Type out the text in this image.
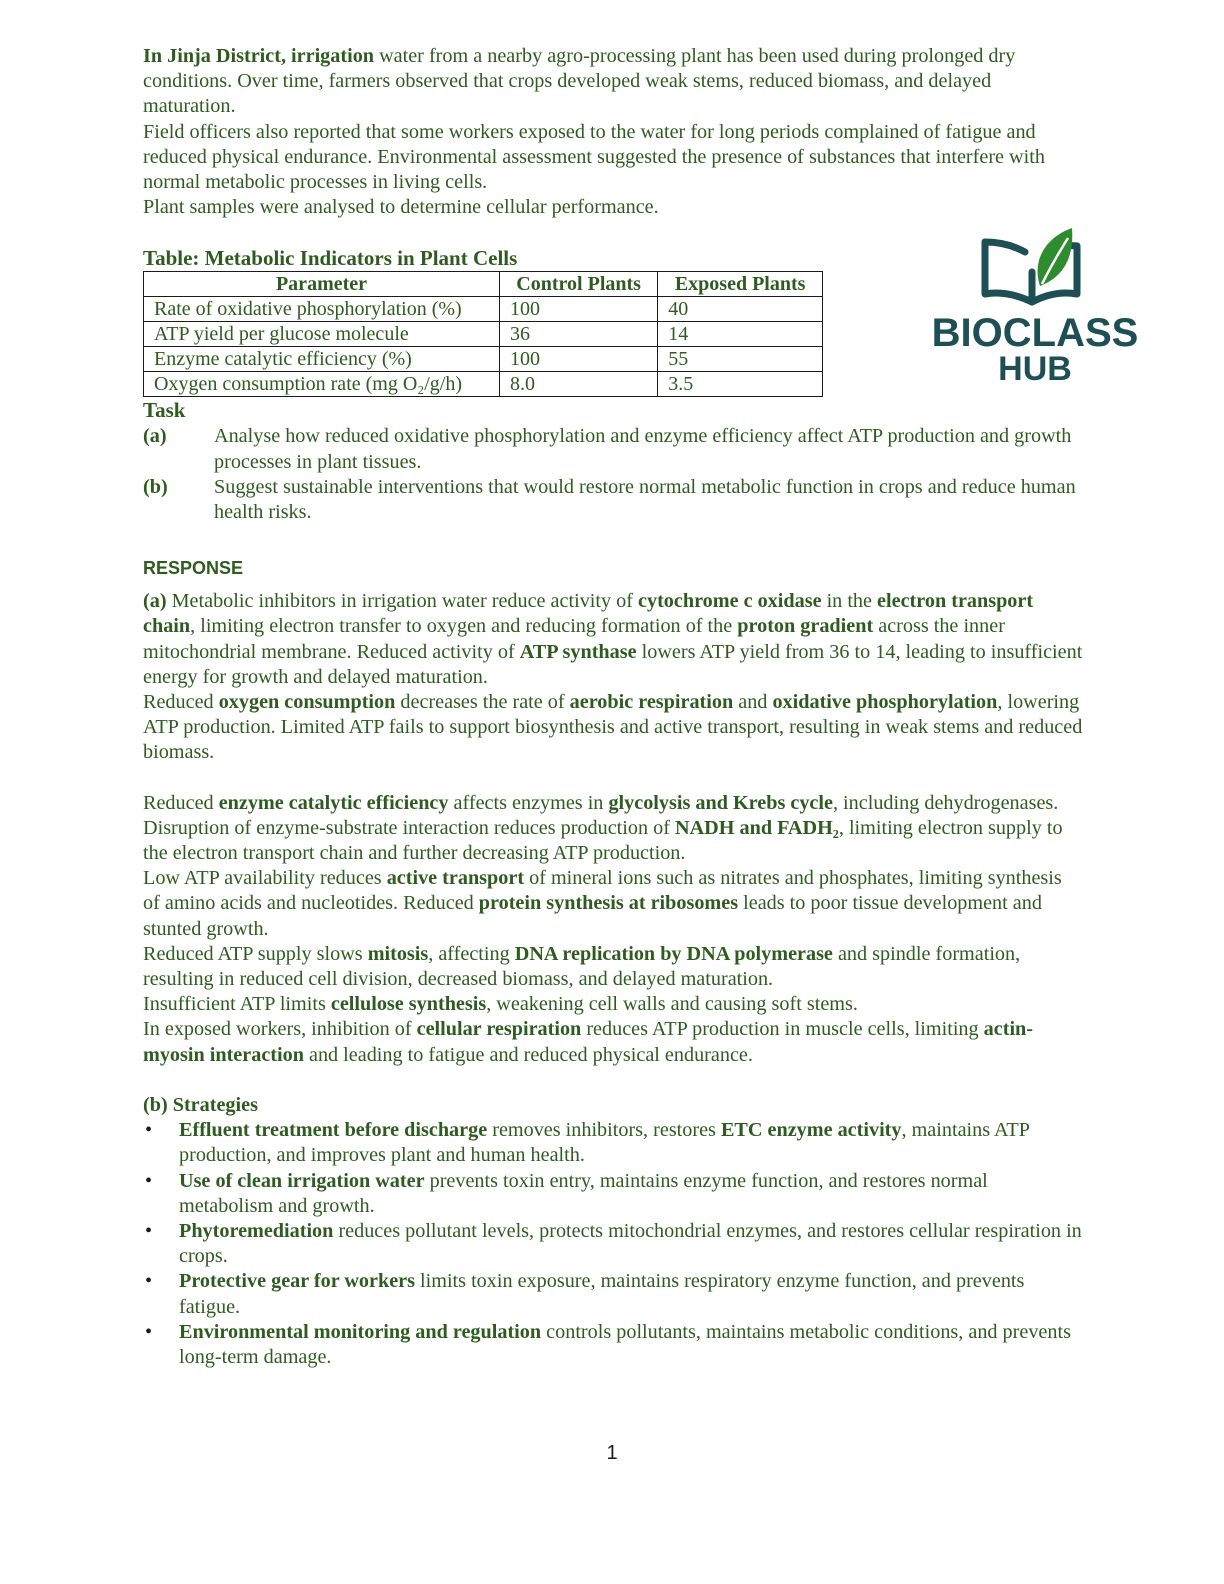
In Jinja District, irrigation water from a nearby agro-processing plant has been used during prolonged dry conditions. Over time, farmers observed that crops developed weak stems, reduced biomass, and delayed maturation.

Field officers also reported that some workers exposed to the water for long periods complained of fatigue and reduced physical endurance. Environmental assessment suggested the presence of substances that interfere with normal metabolic processes in living cells.

Plant samples were analysed to determine cellular performance.

Table: Metabolic Indicators in Plant Cells
Parameter	Control Plants	Exposed Plants
Rate of oxidative phosphorylation (%)	100	40
ATP yield per glucose molecule	36	14
Enzyme catalytic efficiency (%)	100	55
Oxygen consumption rate (mg O₂/g/h)	8.0	3.5
Task
(a)	Analyse how reduced oxidative phosphorylation and enzyme efficiency affect ATP production and growth processes in plant tissues.
(b)	Suggest sustainable interventions that would restore normal metabolic function in crops and reduce human health risks.
RESPONSE

(a) Metabolic inhibitors in irrigation water reduce activity of cytochrome c oxidase in the electron transport chain, limiting electron transfer to oxygen and reducing formation of the proton gradient across the inner mitochondrial membrane. Reduced activity of ATP synthase lowers ATP yield from 36 to 14, leading to insufficient energy for growth and delayed maturation.

Reduced oxygen consumption decreases the rate of aerobic respiration and oxidative phosphorylation, lowering ATP production. Limited ATP fails to support biosynthesis and active transport, resulting in weak stems and reduced biomass.

Reduced enzyme catalytic efficiency affects enzymes in glycolysis and Krebs cycle, including dehydrogenases. Disruption of enzyme-substrate interaction reduces production of NADH and FADH₂, limiting electron supply to the electron transport chain and further decreasing ATP production.

Low ATP availability reduces active transport of mineral ions such as nitrates and phosphates, limiting synthesis of amino acids and nucleotides. Reduced protein synthesis at ribosomes leads to poor tissue development and stunted growth.

Reduced ATP supply slows mitosis, affecting DNA replication by DNA polymerase and spindle formation, resulting in reduced cell division, decreased biomass, and delayed maturation.

Insufficient ATP limits cellulose synthesis, weakening cell walls and causing soft stems.

In exposed workers, inhibition of cellular respiration reduces ATP production in muscle cells, limiting actin-myosin interaction and leading to fatigue and reduced physical endurance.

(b) Strategies

•	Effluent treatment before discharge removes inhibitors, restores ETC enzyme activity, maintains ATP production, and improves plant and human health.
•	Use of clean irrigation water prevents toxin entry, maintains enzyme function, and restores normal metabolism and growth.
•	Phytoremediation reduces pollutant levels, protects mitochondrial enzymes, and restores cellular respiration in crops.
•	Protective gear for workers limits toxin exposure, maintains respiratory enzyme function, and prevents fatigue.
•	Environmental monitoring and regulation controls pollutants, maintains metabolic conditions, and prevents long-term damage.
BIOCLASS
HUB
1
